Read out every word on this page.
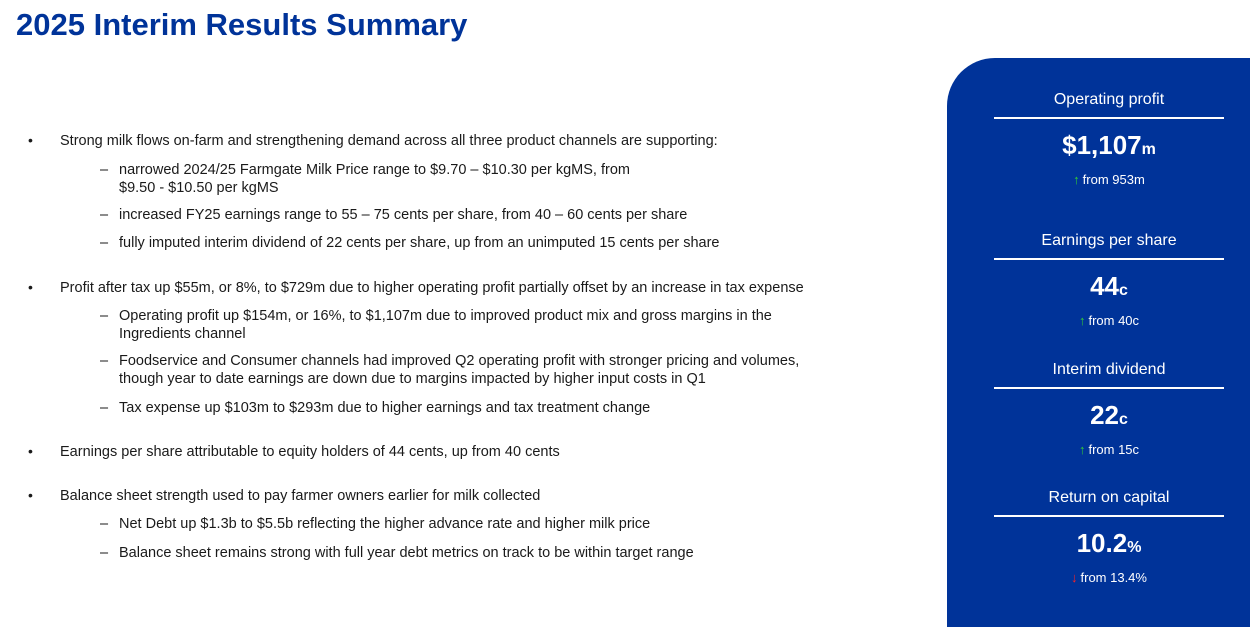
2025 Interim Results Summary
• Strong milk flows on-farm and strengthening demand across all three product channels are supporting:
– narrowed 2024/25 Farmgate Milk Price range to $9.70 – $10.30 per kgMS, from $9.50 - $10.50 per kgMS
– increased FY25 earnings range to 55 – 75 cents per share, from 40 – 60 cents per share
– fully imputed interim dividend of 22 cents per share, up from an unimputed 15 cents per share
• Profit after tax up $55m, or 8%, to $729m due to higher operating profit partially offset by an increase in tax expense
– Operating profit up $154m, or 16%, to $1,107m due to improved product mix and gross margins in the Ingredients channel
– Foodservice and Consumer channels had improved Q2 operating profit with stronger pricing and volumes, though year to date earnings are down due to margins impacted by higher input costs in Q1
– Tax expense up $103m to $293m due to higher earnings and tax treatment change
• Earnings per share attributable to equity holders of 44 cents, up from 40 cents
• Balance sheet strength used to pay farmer owners earlier for milk collected
– Net Debt up $1.3b to $5.5b reflecting the higher advance rate and higher milk price
– Balance sheet remains strong with full year debt metrics on track to be within target range
Operating profit
$1,107m
↑ from 953m
Earnings per share
44c
↑ from 40c
Interim dividend
22c
↑ from 15c
Return on capital
10.2%
↓ from 13.4%
